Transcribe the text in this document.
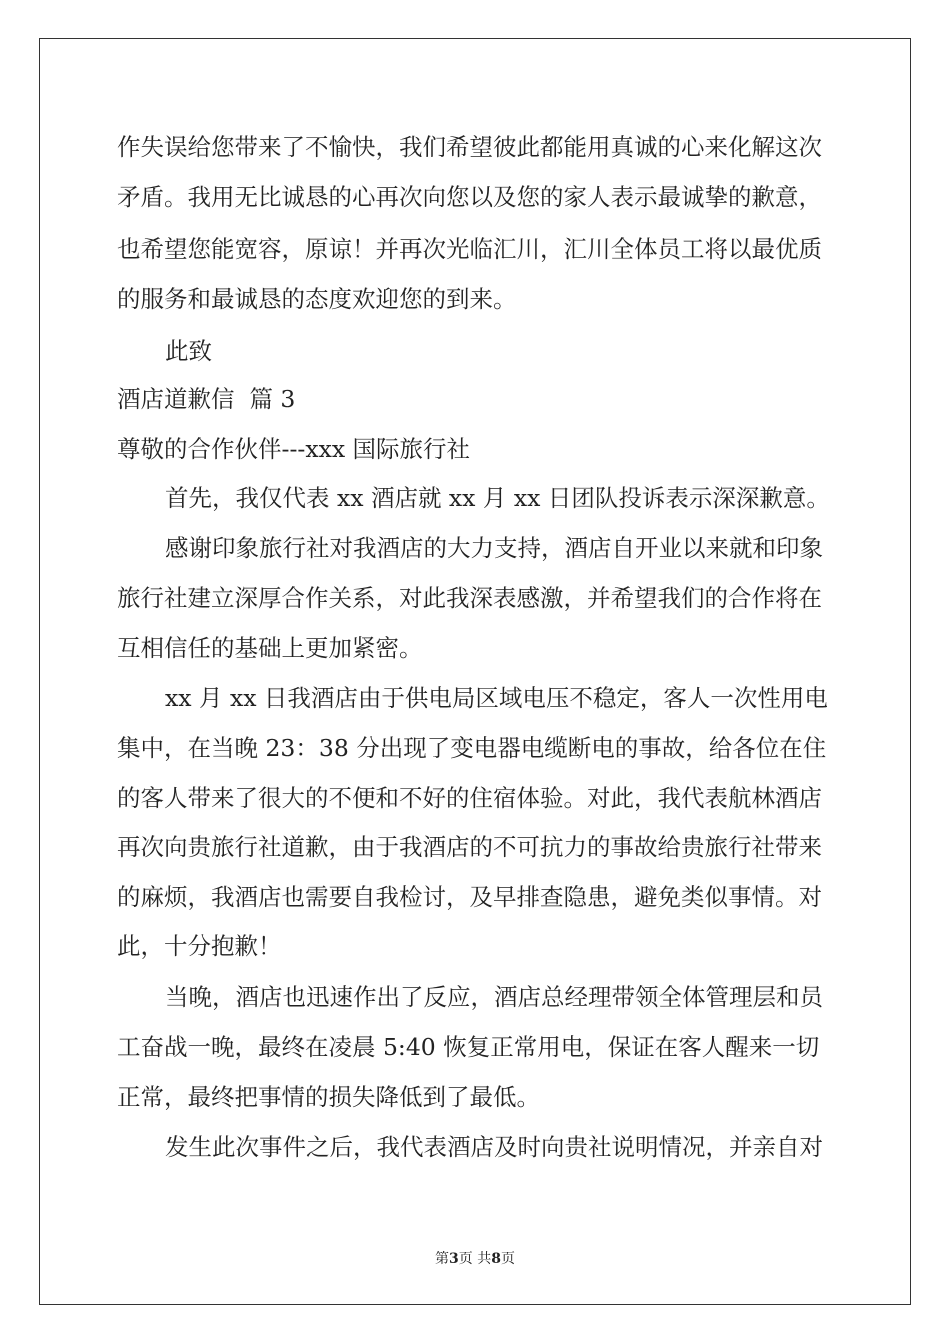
作失误给您带来了不愉快，我们希望彼此都能用真诚的心来化解这次
矛盾。我用无比诚恳的心再次向您以及您的家人表示最诚挚的歉意，
也希望您能宽容，原谅！并再次光临汇川，汇川全体员工将以最优质
的服务和最诚恳的态度欢迎您的到来。
此致
酒店道歉信  篇 3
尊敬的合作伙伴---xxx 国际旅行社
首先，我仅代表 xx 酒店就 xx 月 xx 日团队投诉表示深深歉意。
感谢印象旅行社对我酒店的大力支持，酒店自开业以来就和印象
旅行社建立深厚合作关系，对此我深表感激，并希望我们的合作将在
互相信任的基础上更加紧密。
xx 月 xx 日我酒店由于供电局区域电压不稳定，客人一次性用电
集中，在当晚 23：38 分出现了变电器电缆断电的事故，给各位在住
的客人带来了很大的不便和不好的住宿体验。对此，我代表航林酒店
再次向贵旅行社道歉，由于我酒店的不可抗力的事故给贵旅行社带来
的麻烦，我酒店也需要自我检讨，及早排查隐患，避免类似事情。对
此，十分抱歉！
当晚，酒店也迅速作出了反应，酒店总经理带领全体管理层和员
工奋战一晚，最终在凌晨 5:40 恢复正常用电，保证在客人醒来一切
正常，最终把事情的损失降低到了最低。
发生此次事件之后，我代表酒店及时向贵社说明情况，并亲自对
第3页 共8页
